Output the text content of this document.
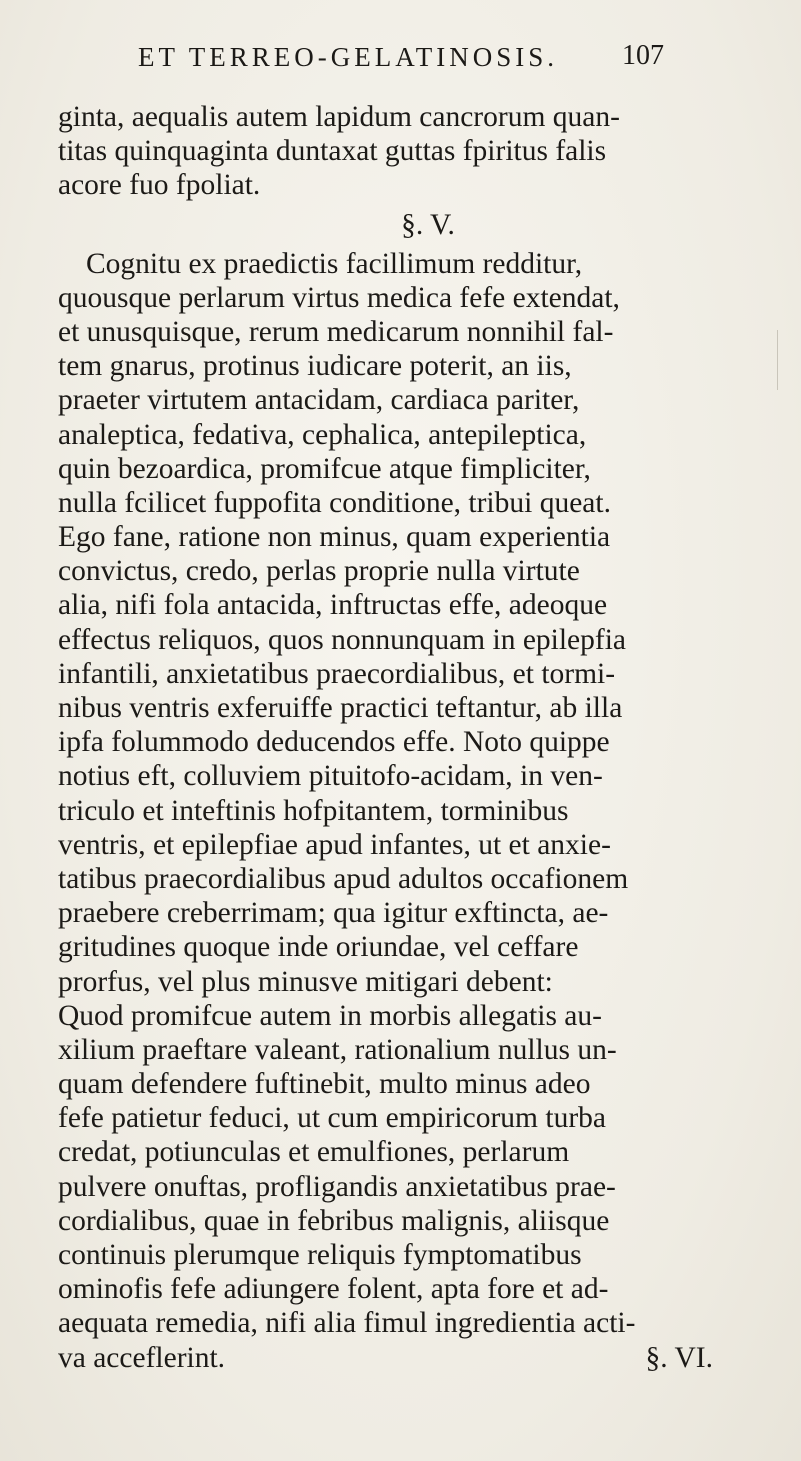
ET TERREO-GELATINOSIS.	107
ginta, aequalis autem lapidum cancrorum quan-
titas quinquaginta duntaxat guttas fpiritus falis
acore fuo fpoliat.
§. V.
Cognitu ex praedictis facillimum redditur,
quousque perlarum virtus medica fefe extendat,
et unusquisque, rerum medicarum nonnihil fal-
tem gnarus, protinus iudicare poterit, an iis,
praeter virtutem antacidam, cardiaca pariter,
analeptica, fedativa, cephalica, antepileptica,
quin bezoardica, promifcue atque fimpliciter,
nulla fcilicet fuppofita conditione, tribui queat.
Ego fane, ratione non minus, quam experientia
convictus, credo, perlas proprie nulla virtute
alia, nifi fola antacida, inftructas effe, adeoque
effectus reliquos, quos nonnunquam in epilepfia
infantili, anxietatibus praecordialibus, et tormi-
nibus ventris exferuiffe practici teftantur, ab illa
ipfa folummodo deducendos effe. Noto quippe
notius eft, colluviem pituitofo-acidam, in ven-
triculo et inteftinis hofpitantem, torminibus
ventris, et epilepfiae apud infantes, ut et anxie-
tatibus praecordialibus apud adultos occafionem
praebere creberrimam; qua igitur exftincta, ae-
gritudines quoque inde oriundae, vel ceffare
prorfus, vel plus minusve mitigari debent:
Quod promifcue autem in morbis allegatis au-
xilium praeftare valeant, rationalium nullus un-
quam defendere fuftinebit, multo minus adeo
fefe patietur feduci, ut cum empiricorum turba
credat, potiunculas et emulfiones, perlarum
pulvere onuftas, profligandis anxietatibus prae-
cordialibus, quae in febribus malignis, aliisque
continuis plerumque reliquis fymptomatibus
ominofis fefe adiungere folent, apta fore et ad-
aequata remedia, nifi alia fimul ingredientia acti-
va acceflerint.	§. VI.
